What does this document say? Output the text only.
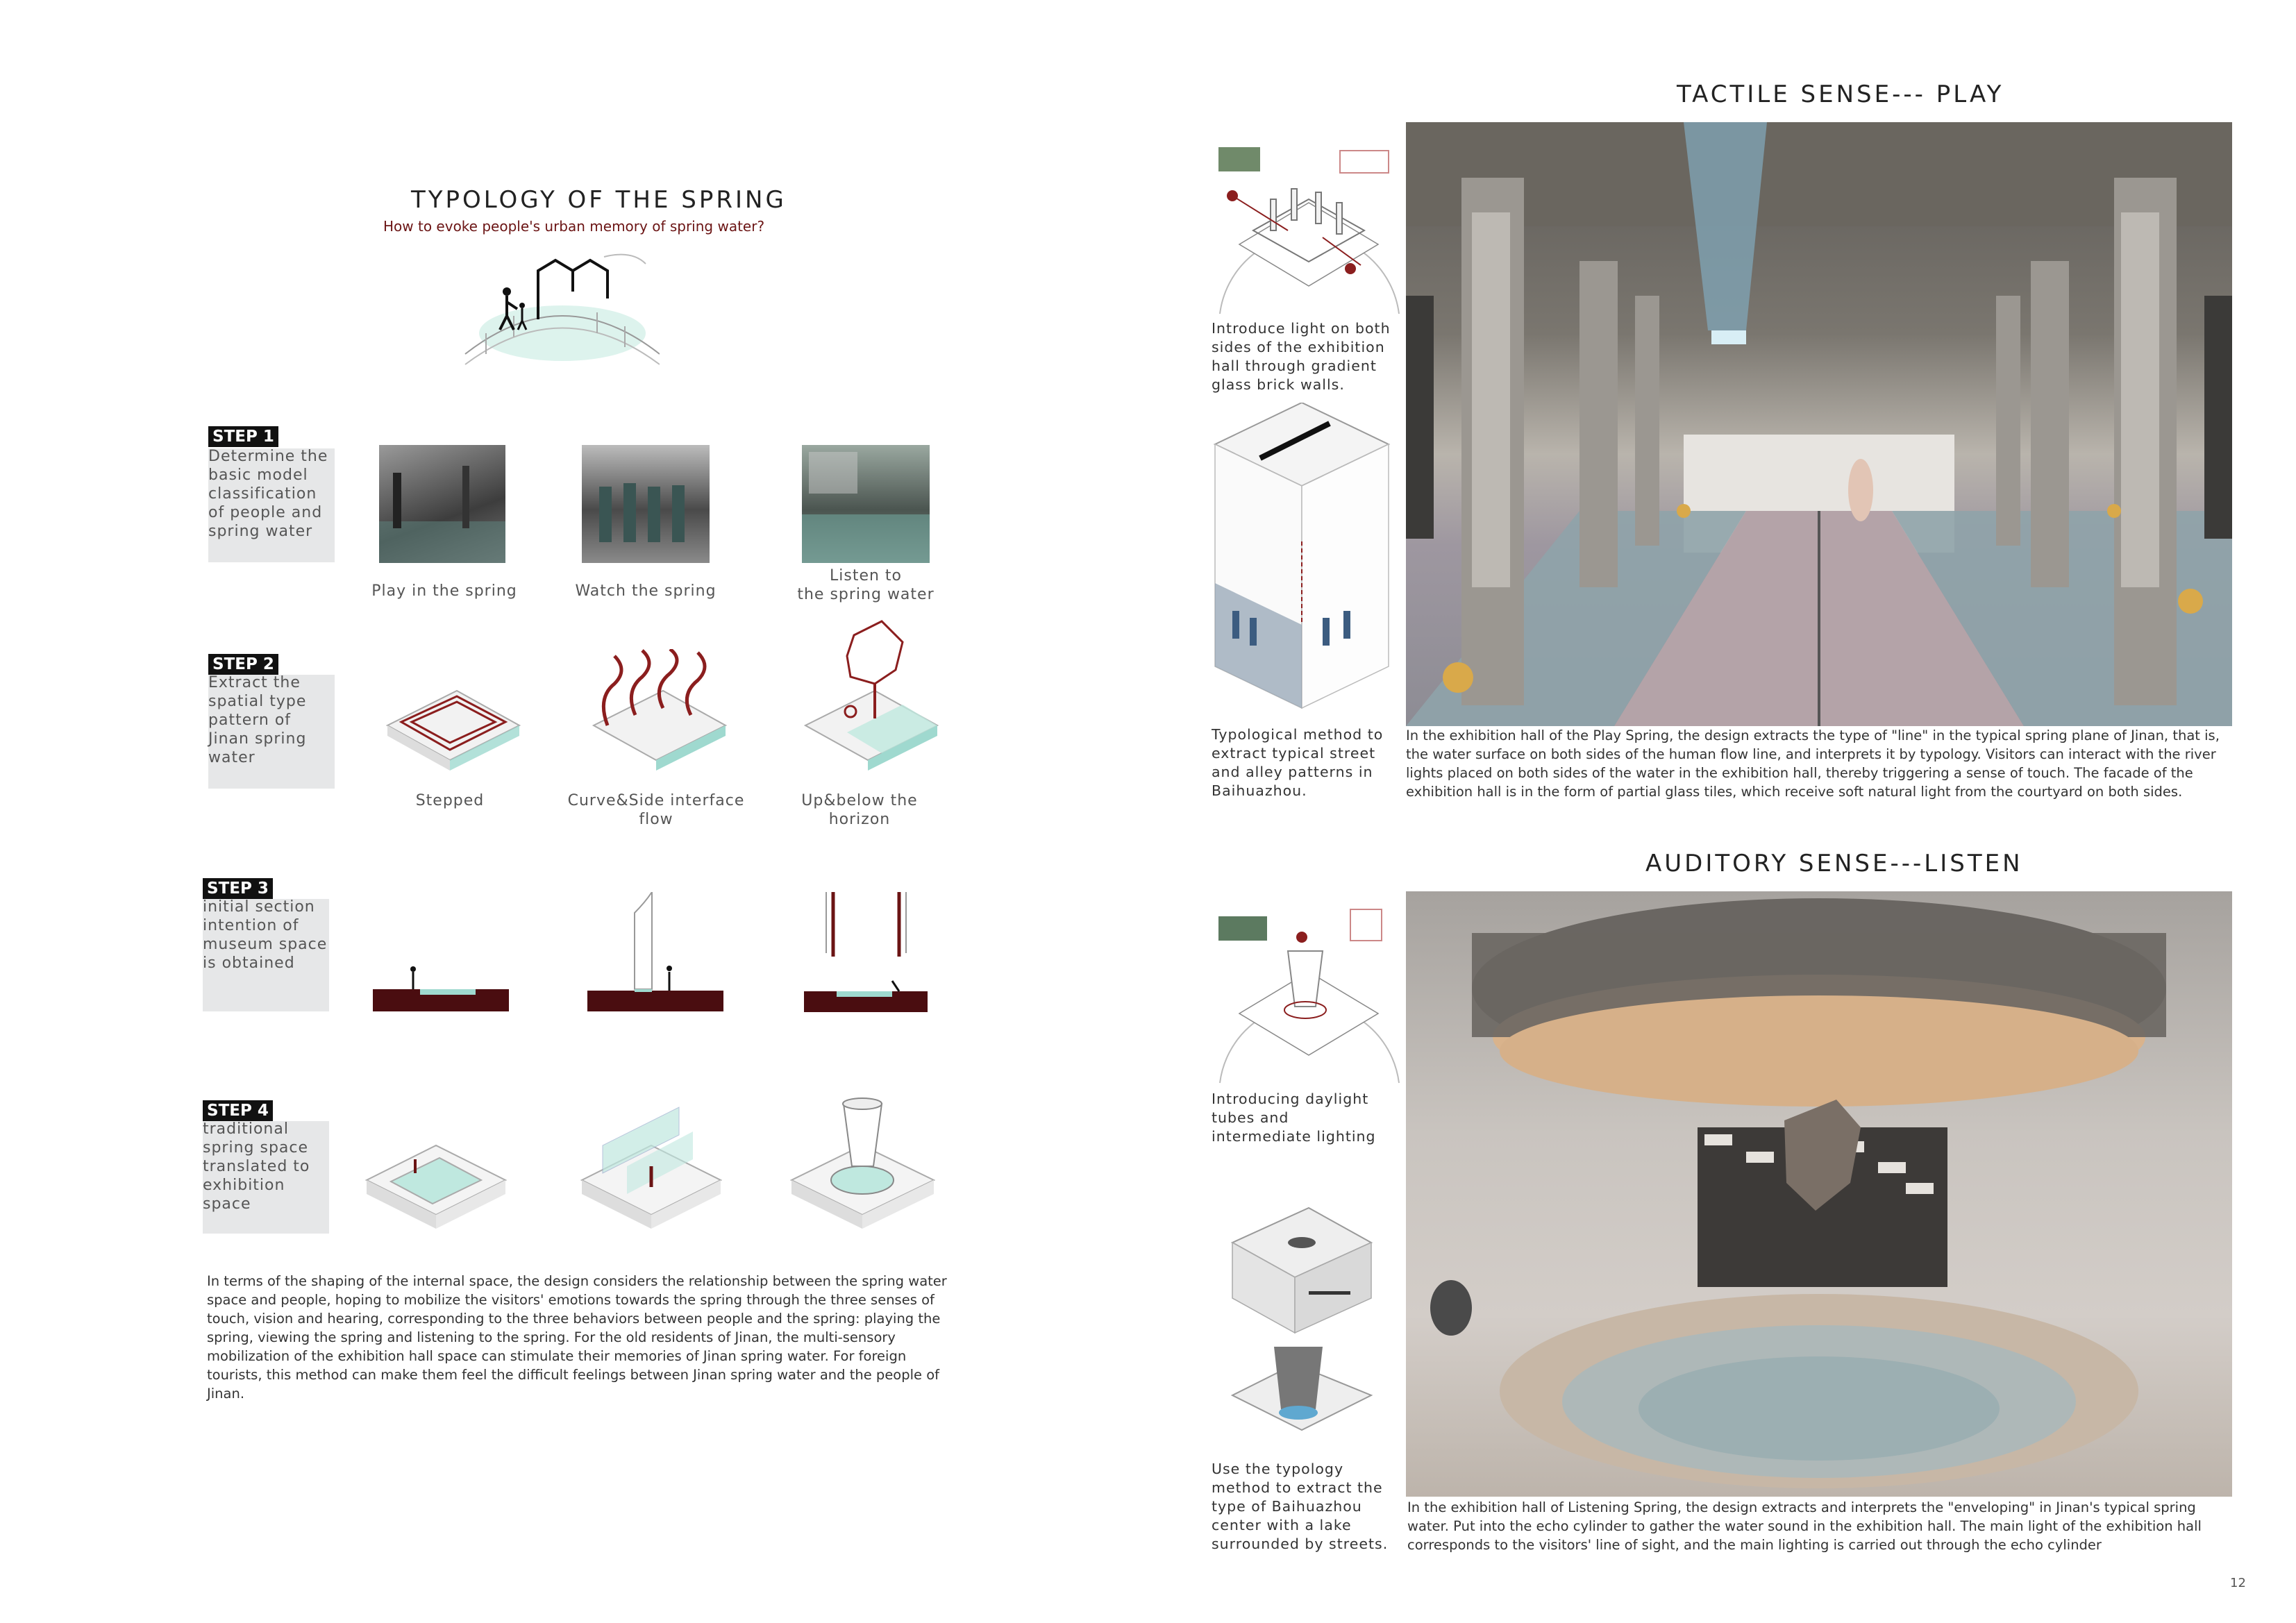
TYPOLOGY OF THE SPRING
How to evoke people's urban memory of spring water?
STEP 1
Determine the basic model classification of people and spring water
Play in the spring	Watch the spring
Listen to
the spring water
STEP 2
Extract the spatial type pattern of Jinan spring water
Stepped	Curve&Side interface flow
Up&below the
horizon
STEP 3
initial section intention of museum space is obtained
STEP 4
traditional spring space translated to exhibition space
In terms of the shaping of the internal space, the design considers the relationship between the spring water space and people, hoping to mobilize the visitors' emotions towards the spring through the three senses of touch, vision and hearing, corresponding to the three behaviors between people and the spring: playing the spring, viewing the spring and listening to the spring. For the old residents of Jinan, the multi-sensory mobilization of the exhibition hall space can stimulate their memories of Jinan spring water. For foreign tourists, this method can make them feel the difficult feelings between Jinan spring water and the people of Jinan.
TACTILE SENSE--- PLAY
Introduce light on both sides of the exhibition hall through gradient glass brick walls.
Typological method to extract typical street and alley patterns in Baihuazhou.
In the exhibition hall of the Play Spring, the design extracts the type of "line" in the typical spring plane of Jinan, that is, the water surface on both sides of the human flow line, and interprets it by typology. Visitors can interact with the river lights placed on both sides of the water in the exhibition hall, thereby triggering a sense of touch. The facade of the exhibition hall is in the form of partial glass tiles, which receive soft natural light from the courtyard on both sides.
AUDITORY SENSE---LISTEN
Introducing daylight tubes and intermediate lighting
Use the typology method to extract the type of Baihuazhou center with a lake surrounded by streets.
In the exhibition hall of Listening Spring, the design extracts and interprets the "enveloping" in Jinan's typical spring water. Put into the echo cylinder to gather the water sound in the exhibition hall. The main light of the exhibition hall corresponds to the visitors' line of sight, and the main lighting is carried out through the echo cylinder
12
